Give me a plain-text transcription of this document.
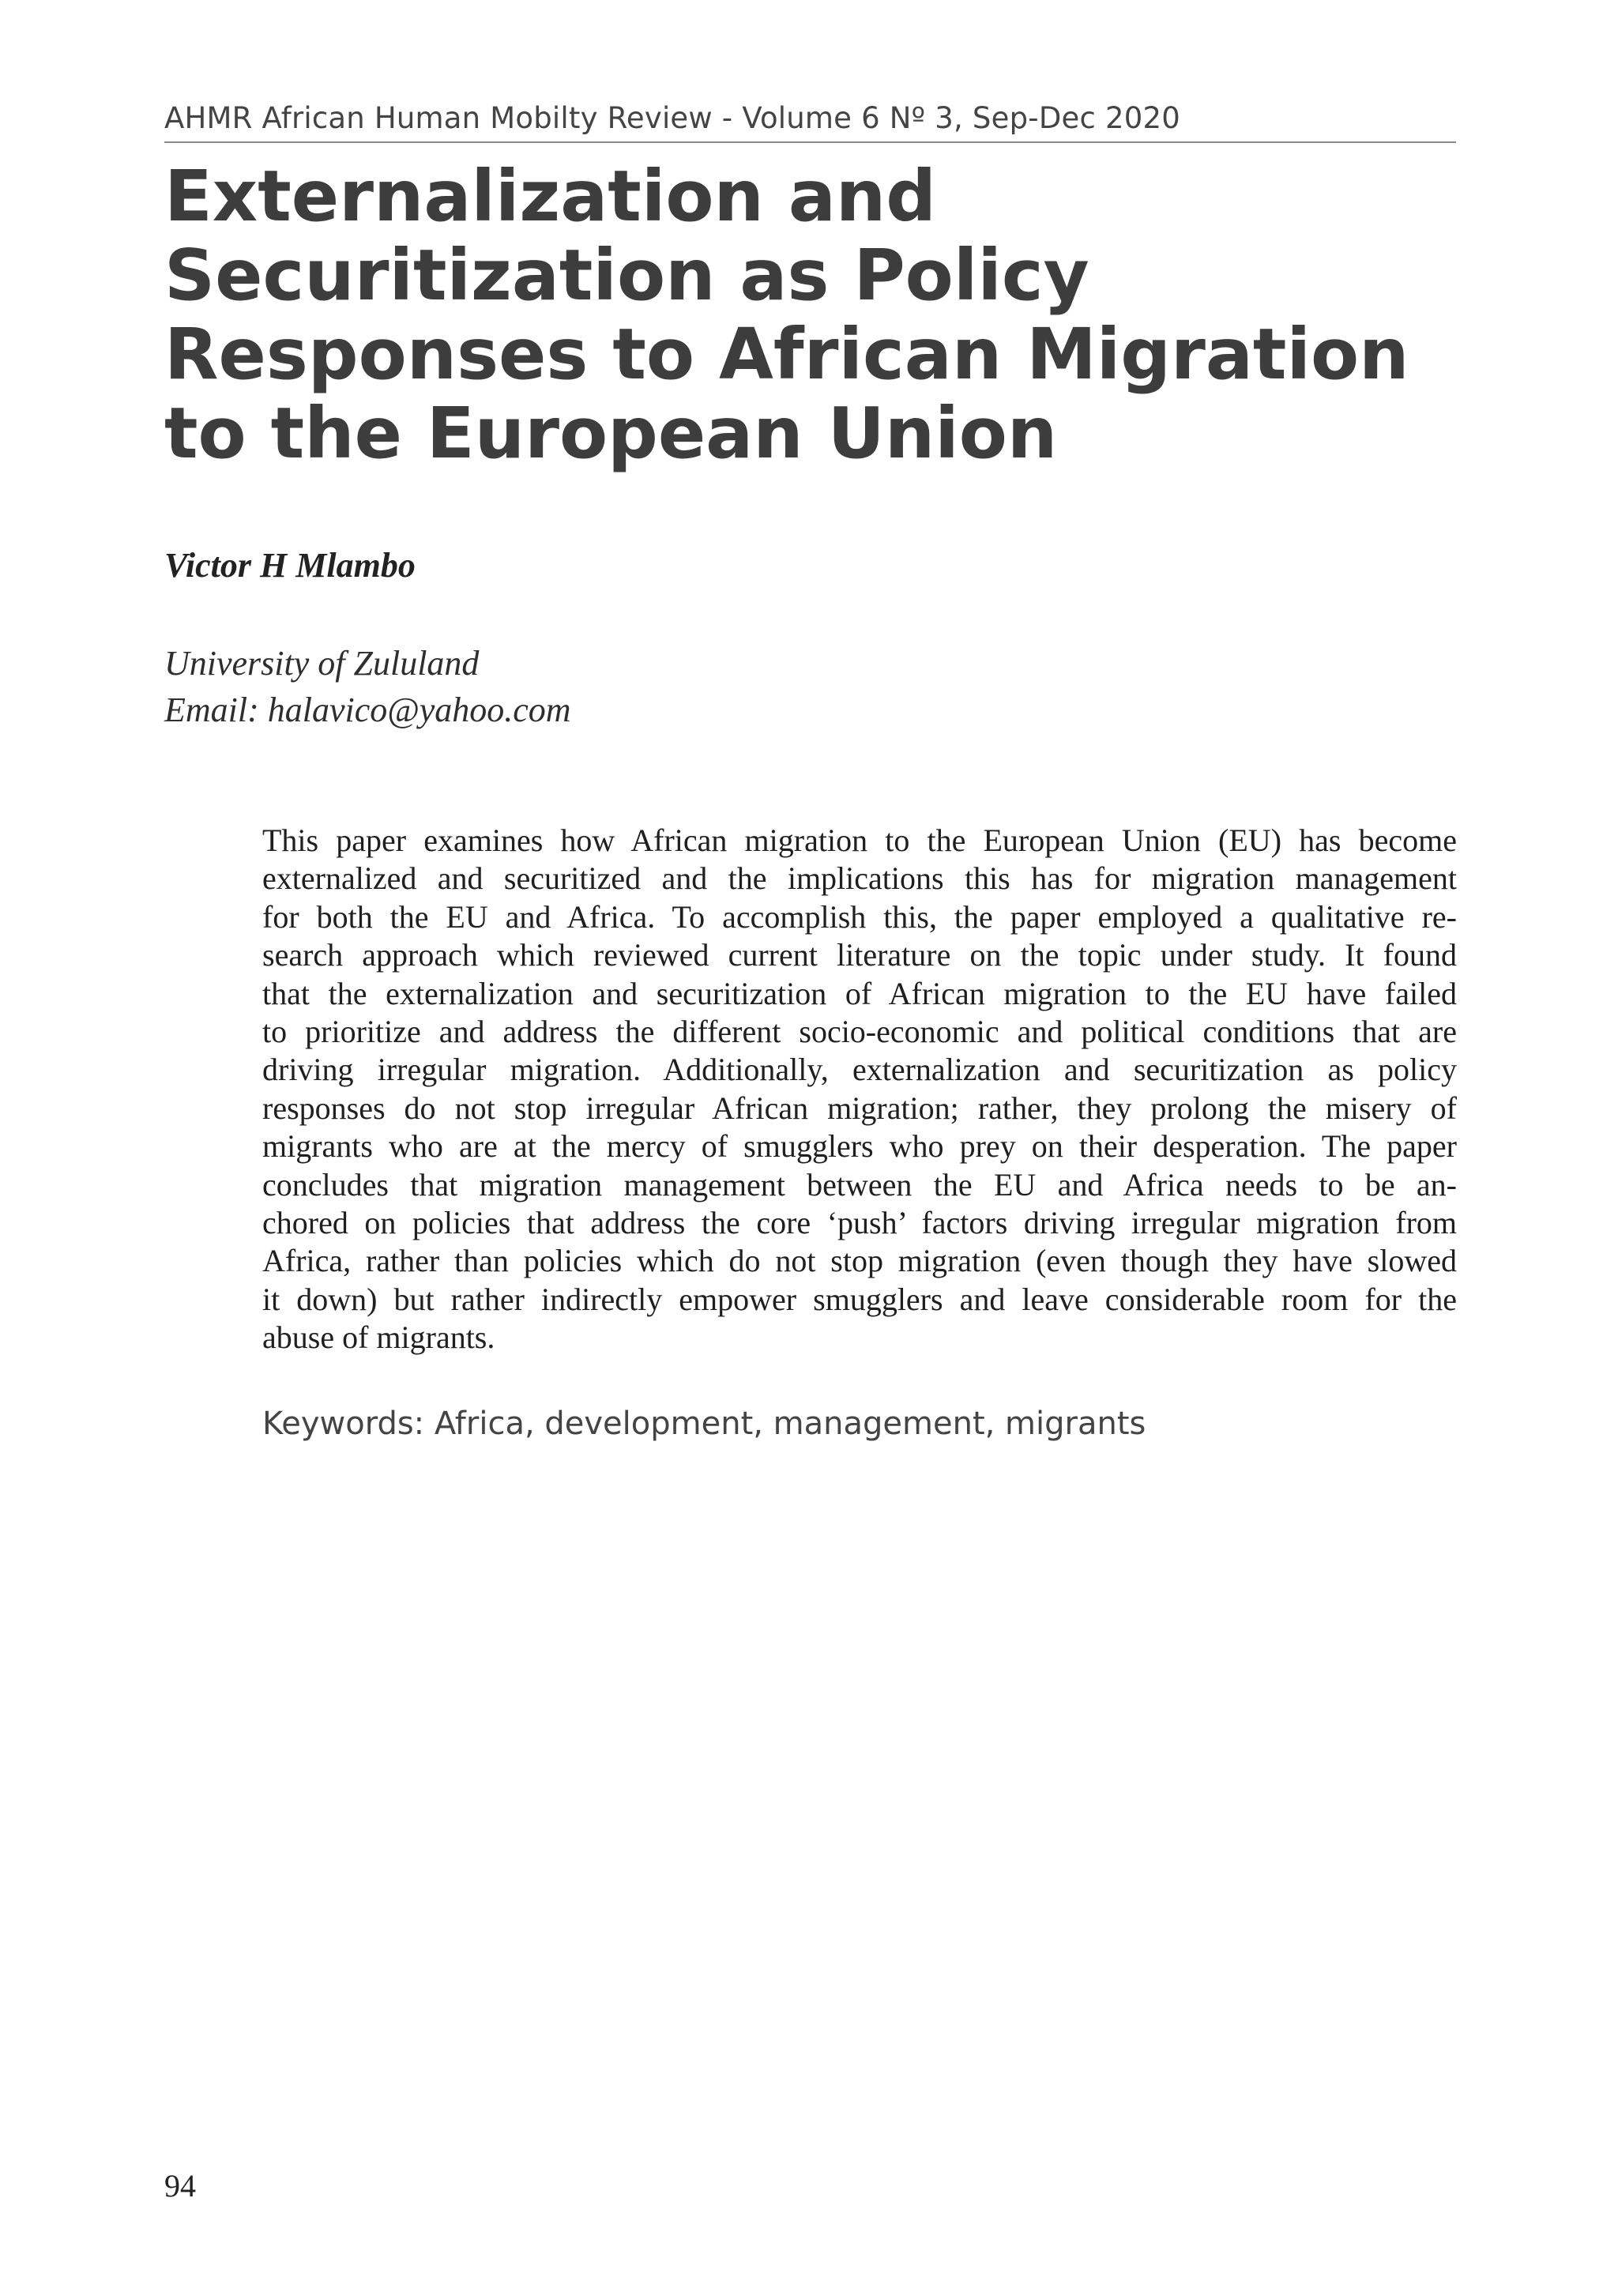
AHMR African Human Mobilty Review - Volume 6 Nº 3, Sep-Dec 2020
Externalization and
Securitization as Policy
Responses to African Migration
to the European Union
Victor H Mlambo
University of Zululand
Email: halavico@yahoo.com

This paper examines how African migration to the European Union (EU) has become
externalized and securitized and the implications this has for migration management
for both the EU and Africa. To accomplish this, the paper employed a qualitative re-
search approach which reviewed current literature on the topic under study. It found
that the externalization and securitization of African migration to the EU have failed
to prioritize and address the different socio-economic and political conditions that are
driving irregular migration. Additionally, externalization and securitization as policy
responses do not stop irregular African migration; rather, they prolong the misery of
migrants who are at the mercy of smugglers who prey on their desperation. The paper
concludes that migration management between the EU and Africa needs to be an-
chored on policies that address the core ‘push’ factors driving irregular migration from
Africa, rather than policies which do not stop migration (even though they have slowed
it down) but rather indirectly empower smugglers and leave considerable room for the
abuse of migrants.

Keywords: Africa, development, management, migrants
94
